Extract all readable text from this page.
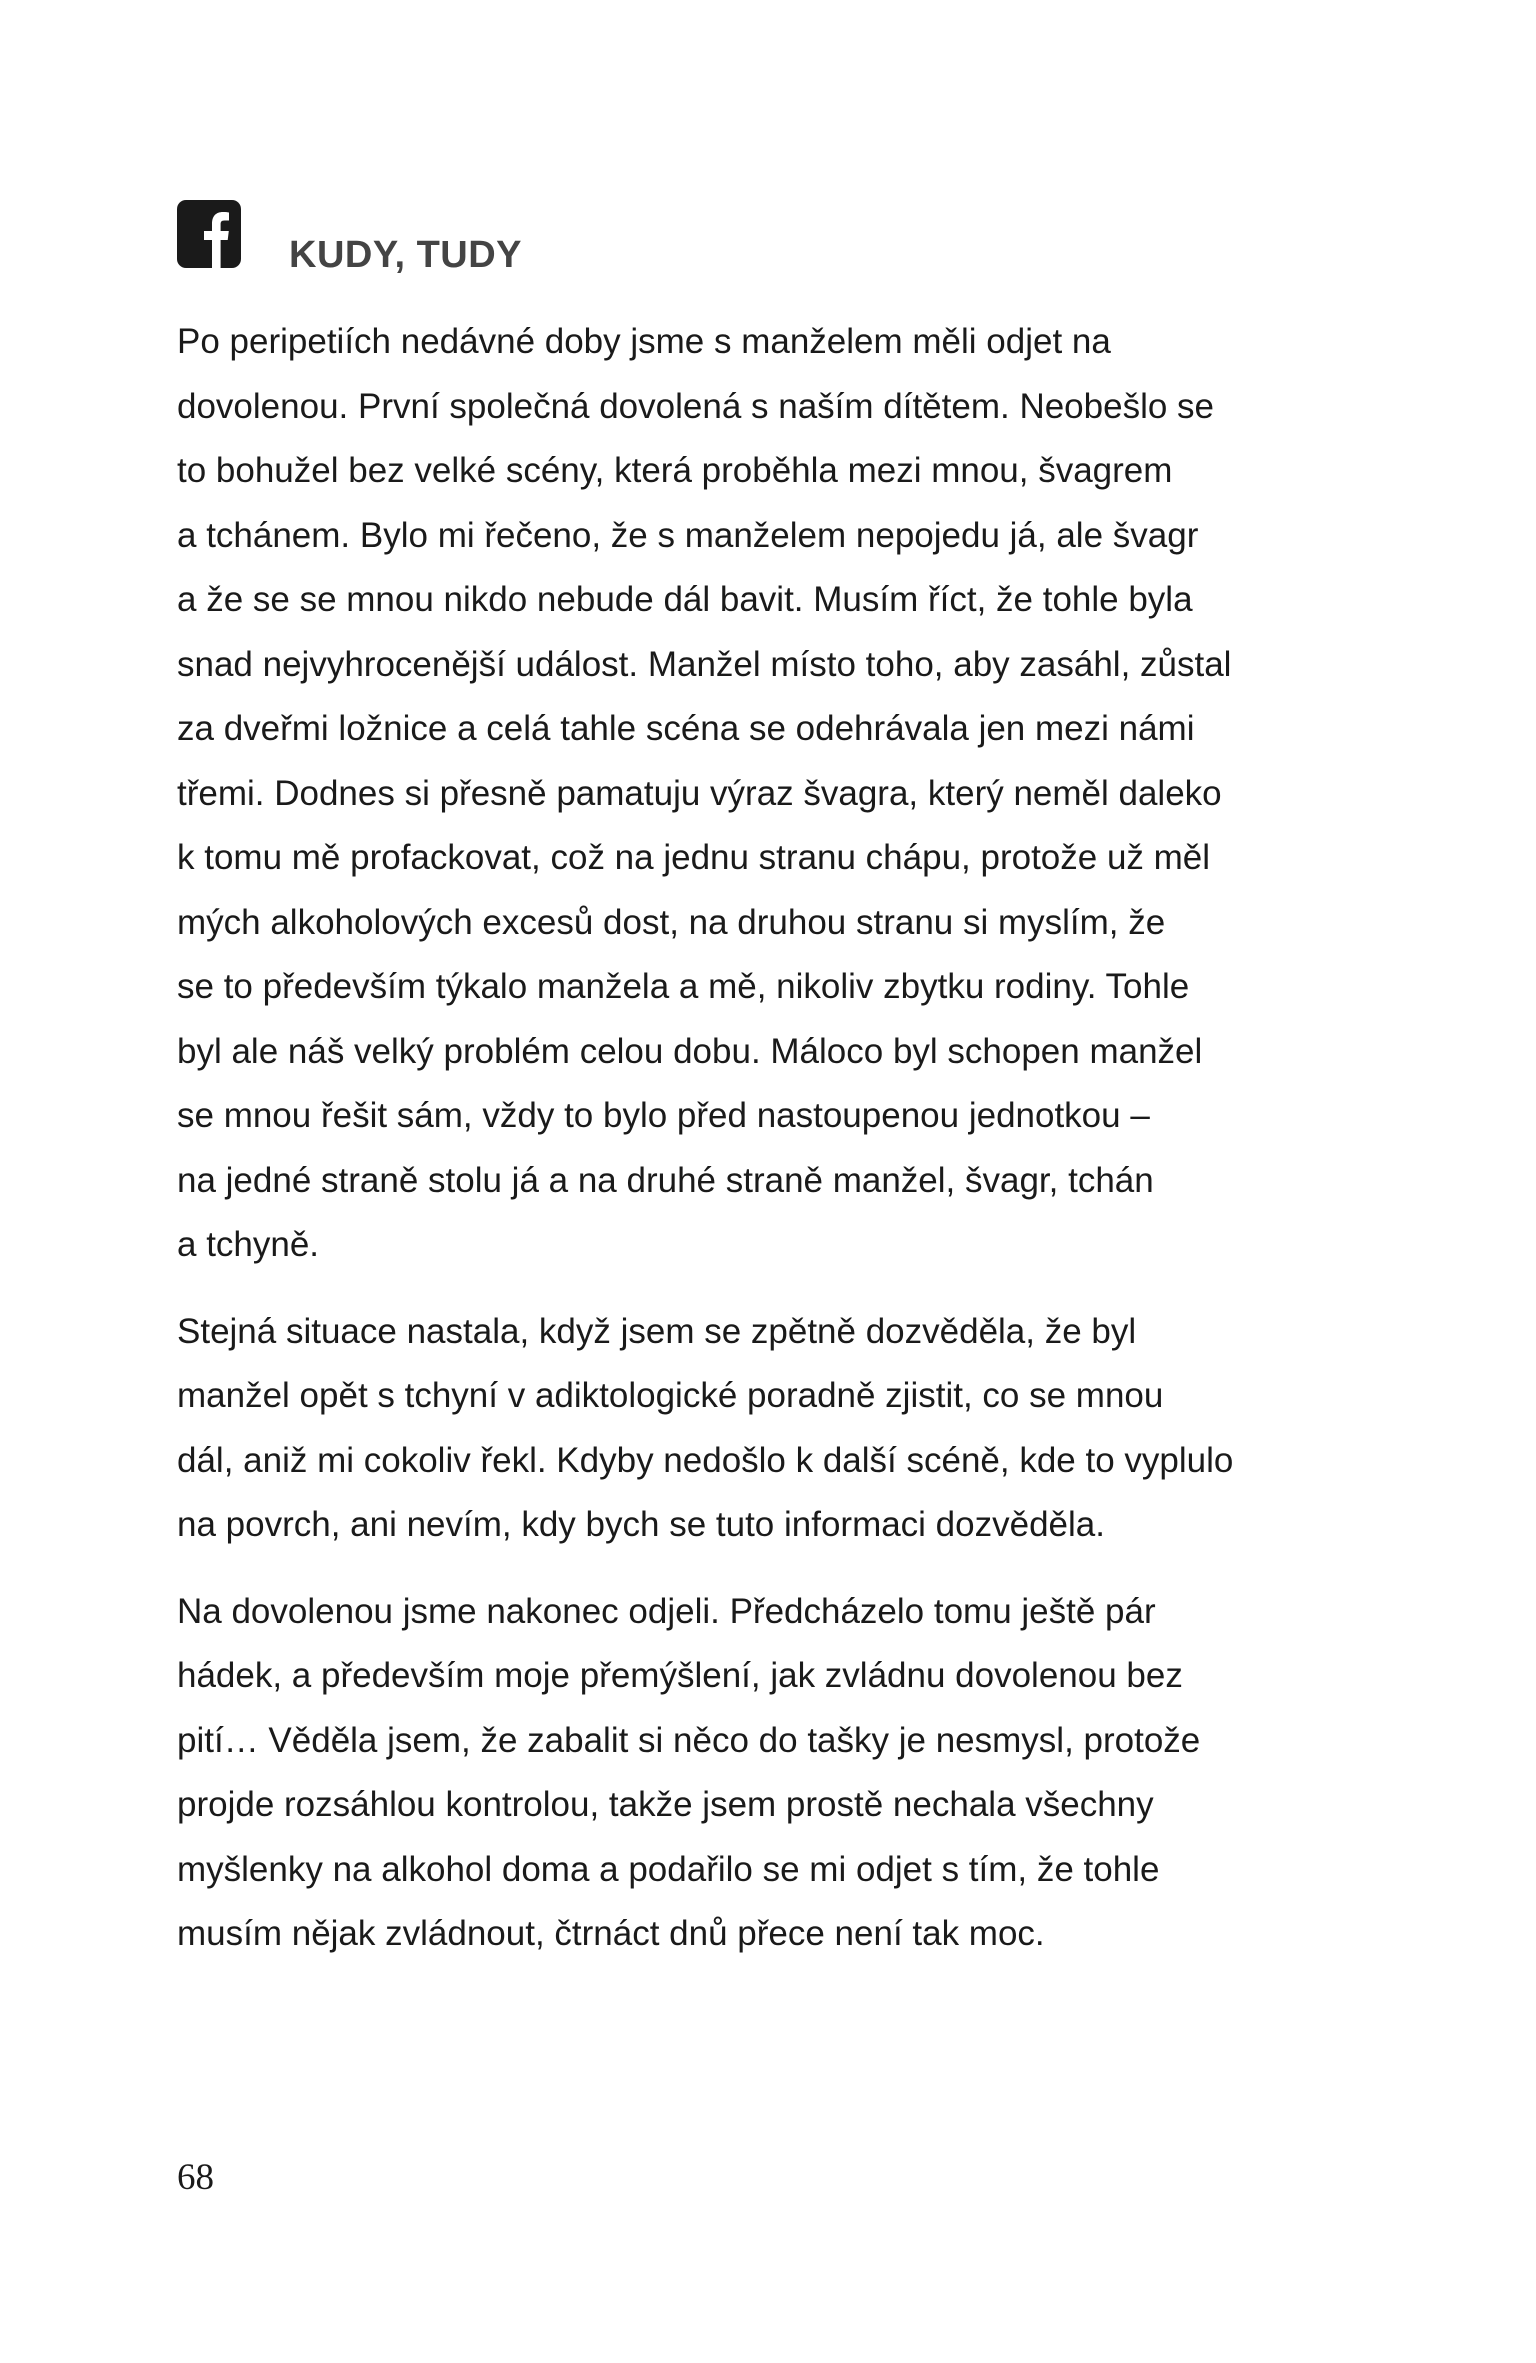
KUDY, TUDY

Po peripetiích nedávné doby jsme s manželem měli odjet na
dovolenou. První společná dovolená s naším dítětem. Neobešlo se
to bohužel bez velké scény, která proběhla mezi mnou, švagrem
a tchánem. Bylo mi řečeno, že s manželem nepojedu já, ale švagr
a že se se mnou nikdo nebude dál bavit. Musím říct, že tohle byla
snad nejvyhrocenější událost. Manžel místo toho, aby zasáhl, zůstal
za dveřmi ložnice a celá tahle scéna se odehrávala jen mezi námi
třemi. Dodnes si přesně pamatuju výraz švagra, který neměl daleko
k tomu mě profackovat, což na jednu stranu chápu, protože už měl
mých alkoholových excesů dost, na druhou stranu si myslím, že
se to především týkalo manžela a mě, nikoliv zbytku rodiny. Tohle
byl ale náš velký problém celou dobu. Máloco byl schopen manžel
se mnou řešit sám, vždy to bylo před nastoupenou jednotkou –
na jedné straně stolu já a na druhé straně manžel, švagr, tchán
a tchyně.

Stejná situace nastala, když jsem se zpětně dozvěděla, že byl
manžel opět s tchyní v adiktologické poradně zjistit, co se mnou
dál, aniž mi cokoliv řekl. Kdyby nedošlo k další scéně, kde to vyplulo
na povrch, ani nevím, kdy bych se tuto informaci dozvěděla.

Na dovolenou jsme nakonec odjeli. Předcházelo tomu ještě pár
hádek, a především moje přemýšlení, jak zvládnu dovolenou bez
pití… Věděla jsem, že zabalit si něco do tašky je nesmysl, protože
projde rozsáhlou kontrolou, takže jsem prostě nechala všechny
myšlenky na alkohol doma a podařilo se mi odjet s tím, že tohle
musím nějak zvládnout, čtrnáct dnů přece není tak moc.

68
